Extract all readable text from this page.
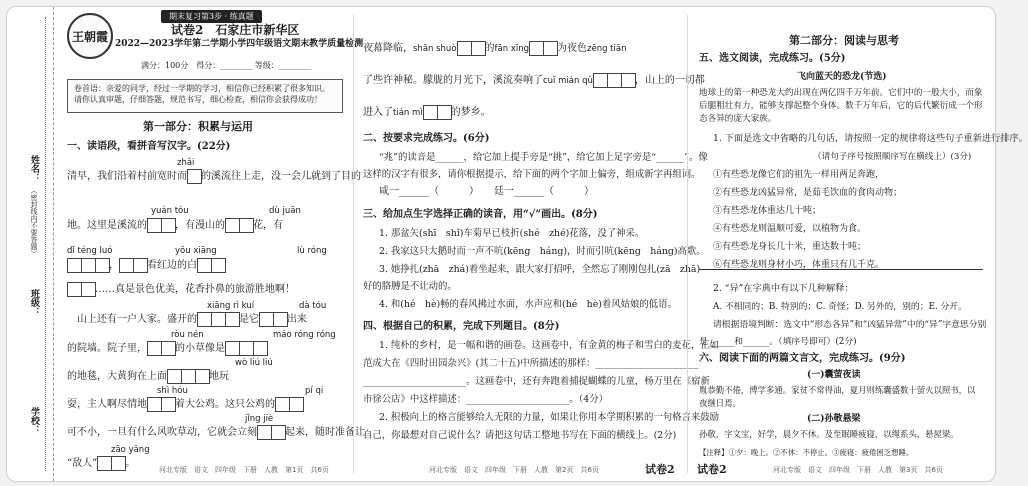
姓名：
（密封线内不要答题）
班级：
学校：
王朝霞
期末复习第3步 · 练真题
试卷2　石家庄市新华区
2022—2023学年第二学期小学四年级语文期末教学质量检测
满分：100分　得分：________ 等级：________
卷首语：亲爱的同学，经过一学期的学习，相信你已经积累了很多知识。请你认真审题，仔细答题，规范书写，细心检查，相信你会获得成功！
第一部分：积累与运用
一、读语段，看拼音写汉字。(22分)
zhǎi
清早，我们沿着村前宽时而 的溪流往上走，没一会儿就到了目的
yuán tóu	dù juān
地。这里是溪流的	，有漫山的	花，有
dǐ téng luó	yǒu xiāng	lù róng
，	看红边的白
……真是景色优美，花香扑鼻的旅游胜地啊！
xiāng rì kuí	dà tóu
山上还有一户人家。盛开的	是它	出来
ròu nén	máo róng róng
的院墙。院子里，	的小草像是
wò liú liú
的地毯，大黄狗在上面	地玩
shì hóu	pí qi
耍，主人啊尽情地	着大公鸡。这只公鸡的
jǐng jiè
可不小，一旦有什么风吹草动，它就会立刻	起来，随时准备让
zāo yāng
“敌人”	。
河北专版　语文　四年级　下册　人教　第1页　共6页
夜幕降临，shān shuò	的fān xīng	为夜色zēng tiān
了些许神秘。朦胧的月光下，溪流奏响了cuī mián qǔ	，山上的一切都
进入了tián mì	的梦乡。
二、按要求完成练习。(6分)
“兆”的读音是______，给它加上提手旁是“挑”，给它加上足字旁是“______”。像
这样的汉字有很多，请你根据提示，给下面的两个字加上偏旁，组成新字再组词。
咸一______（　　　）　　廷一______（　　　）
三、给加点生字选择正确的读音，用“√”画出。(8分)
1. 那盆矢(shī　shǐ)车菊早已枝折(shé　zhé)花落，没了神采。
2. 我家这只大鹅时而一声不吭(kēng　háng)，时而引吭(kēng　háng)高歌。
3. 她挣扎(zhā　zhá)着坐起来，跟大家打招呼，全然忘了刚刚包扎(zā　zhā)
好的胳膊是不让动的。
4. 和(hé　hè)畅的春风拂过水面，水声应和(hé　hè)着风姑娘的低语。
四、根据自己的积累，完成下列题目。(8分)
1. 纯朴的乡村，是一幅和谐的画卷。这画卷中，有金黄的梅子和雪白的麦花，正如
范成大在《四时田园杂兴》(其二十五)中所描述的那样：______________________
______________________。这画卷中，还有奔跑着捕捉蝴蝶的儿童，杨万里在《宿新
市徐公店》中这样描述：______________________。（4分）
2. 积极向上的格言能够给人无限的力量，如果让你用本学期积累的一句格言来鼓励
自己，你最想对自己说什么？请把这句话工整地书写在下面的横线上。(2分)
河北专版　语文　四年级　下册　人教　第2页　共6页	试卷2
第二部分：阅读与思考
五、选文阅读，完成练习。(5分)
飞向蓝天的恐龙(节选)
地球上的第一种恐龙大约出现在两亿四千万年前。它们中的一般大小，而象后腿粗壮有力，能够支撑起整个身体。数千万年后，它的后代繁衍成一个形态各异的庞大家族。
1. 下面是选文中省略的几句话，请按照一定的规律将这些句子重新进行排序。
（请句子序号按照顺序写在横线上）(3分)
①有些恐龙像它们的祖先一样用两足奔跑，
②有些恐龙凶猛异常，是茹毛饮血的食肉动物；
③有些恐龙体重达几十吨；
④有些恐龙则温顺可爱，以植物为食。
⑤有些恐龙身长几十米，重达数十吨；
⑥有些恐龙则身材小巧，体重只有几千克。
2. “异”在字典中有以下几种解释：
A. 不相同的；B. 特别的；C. 奇怪；D. 另外的，别的；E. 分开。
请根据语境判断：选文中“形态各异”和“凶猛异常”中的“异”字意思分别
是______和______。（填序号即可）(2分)
六、阅读下面的两篇文言文，完成练习。(9分)
(一)囊萤夜读
胤恭勤不倦，博学多通。家贫不常得油，夏月则练囊盛数十萤火以照书，以夜继日焉。
(二)孙敬悬梁
孙敬，字文宝，好学，晨夕不休。及至眠睡疲寝，以绳系头，悬屋梁。
【注释】①夕：晚上。②不休：不停止。③疲寝：疲倦困乏想睡。
试卷2	河北专版　语文　四年级　下册　人教　第3页　共6页
